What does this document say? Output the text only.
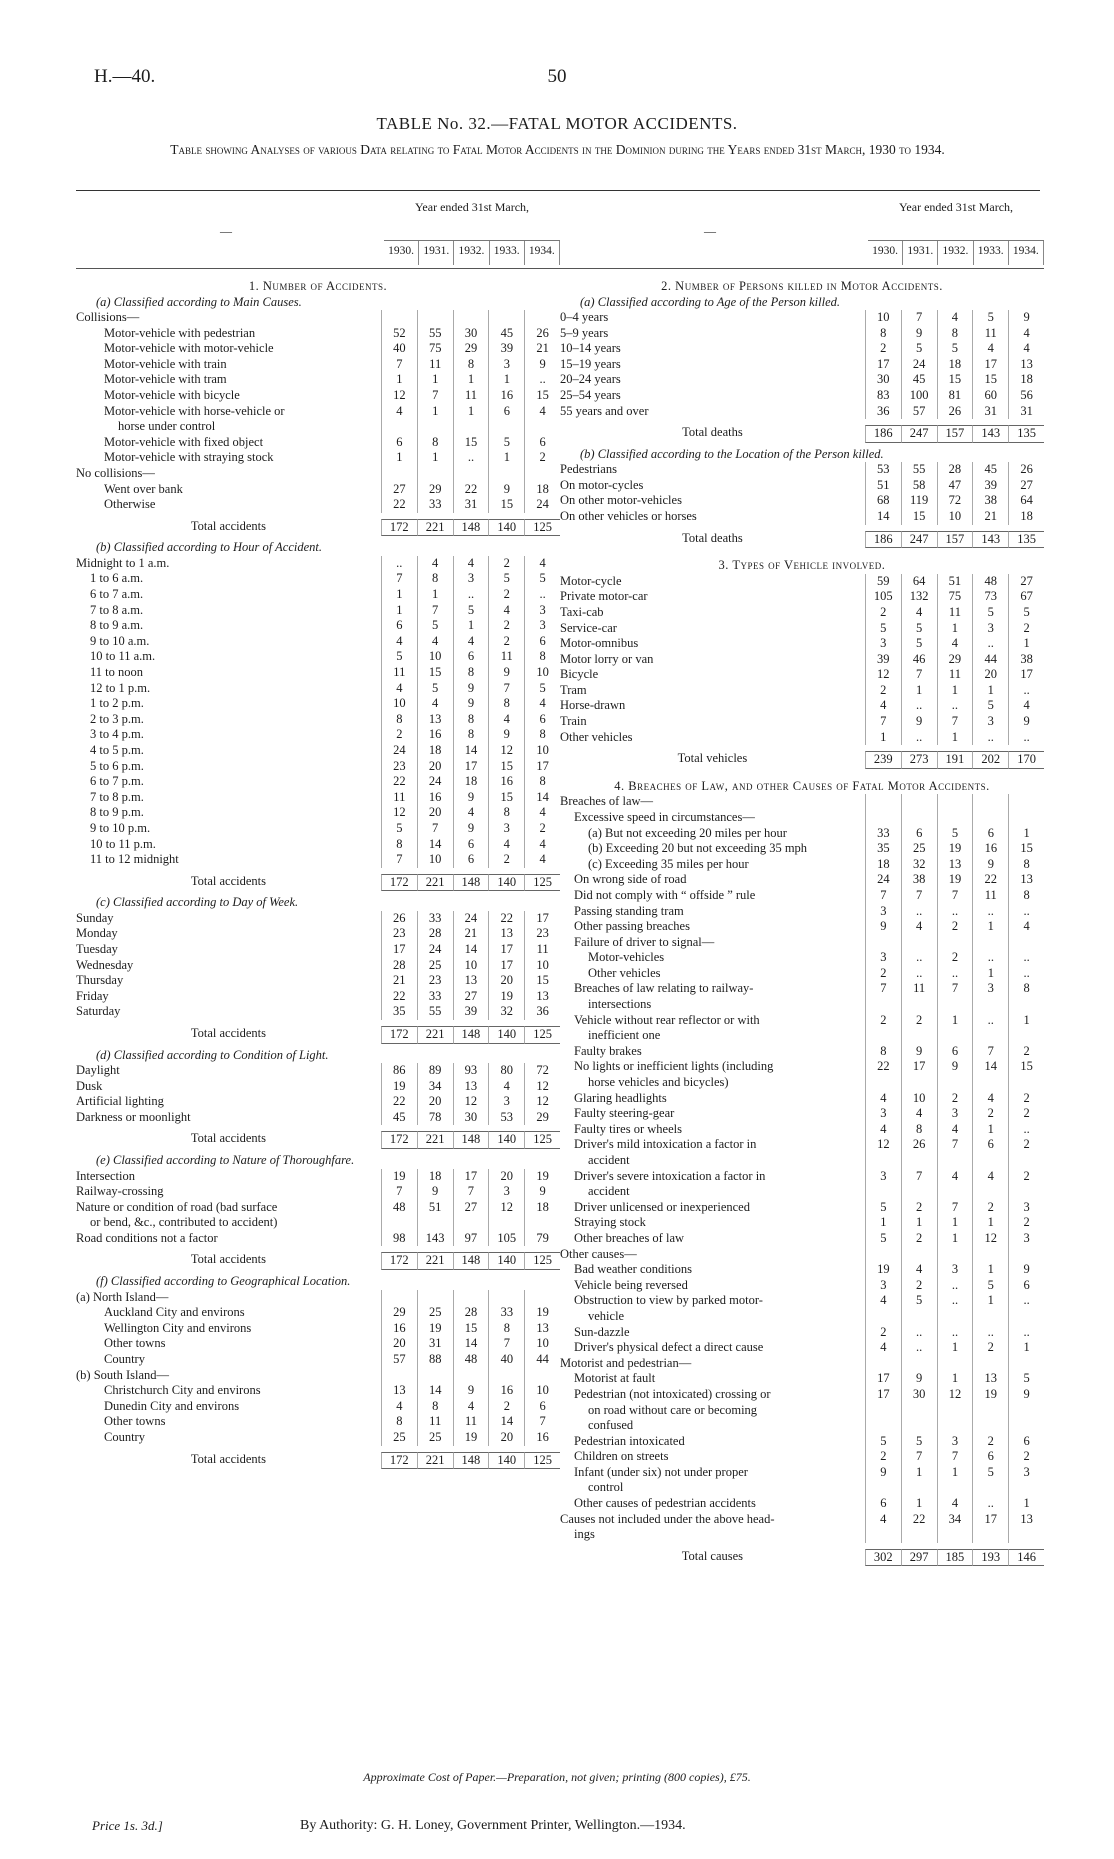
H.—40.	50
TABLE No. 32.—FATAL MOTOR ACCIDENTS.
Table showing Analyses of various Data relating to Fatal Motor Accidents in the Dominion during the Years ended 31st March, 1930 to 1934.
—
Year ended 31st March,
1930. 1931. 1932. 1933. 1934.
1. Number of Accidents.
(a) Classified according to Main Causes.
Collisions—
Motor-vehicle with pedestrian	52	55	30	45	26
Motor-vehicle with motor-vehicle	40	75	29	39	21
Motor-vehicle with train	7	11	8	3	9
Motor-vehicle with tram	1	1	1	1	..
Motor-vehicle with bicycle	12	7	11	16	15
Motor-vehicle with horse-vehicle or	4	1	1	6	4
horse under control
Motor-vehicle with fixed object	6	8	15	5	6
Motor-vehicle with straying stock	1	1	..	1	2
No collisions—
Went over bank	27	29	22	9	18
Otherwise	22	33	31	15	24
Total accidents	172	221	148	140	125
(b) Classified according to Hour of Accident.
Midnight to 1 a.m.	..	4	4	2	4
1 to 6 a.m.	7	8	3	5	5
6 to 7 a.m.	1	1	..	2	..
7 to 8 a.m.	1	7	5	4	3
8 to 9 a.m.	6	5	1	2	3
9 to 10 a.m.	4	4	4	2	6
10 to 11 a.m.	5	10	6	11	8
11 to noon	11	15	8	9	10
12 to 1 p.m.	4	5	9	7	5
1 to 2 p.m.	10	4	9	8	4
2 to 3 p.m.	8	13	8	4	6
3 to 4 p.m.	2	16	8	9	8
4 to 5 p.m.	24	18	14	12	10
5 to 6 p.m.	23	20	17	15	17
6 to 7 p.m.	22	24	18	16	8
7 to 8 p.m.	11	16	9	15	14
8 to 9 p.m.	12	20	4	8	4
9 to 10 p.m.	5	7	9	3	2
10 to 11 p.m.	8	14	6	4	4
11 to 12 midnight	7	10	6	2	4
Total accidents	172	221	148	140	125
(c) Classified according to Day of Week.
Sunday	26	33	24	22	17
Monday	23	28	21	13	23
Tuesday	17	24	14	17	11
Wednesday	28	25	10	17	10
Thursday	21	23	13	20	15
Friday	22	33	27	19	13
Saturday	35	55	39	32	36
Total accidents	172	221	148	140	125
(d) Classified according to Condition of Light.
Daylight	86	89	93	80	72
Dusk	19	34	13	4	12
Artificial lighting	22	20	12	3	12
Darkness or moonlight	45	78	30	53	29
Total accidents	172	221	148	140	125
(e) Classified according to Nature of Thoroughfare.
Intersection	19	18	17	20	19
Railway-crossing	7	9	7	3	9
Nature or condition of road (bad surface	48	51	27	12	18
or bend, &c., contributed to accident)
Road conditions not a factor	98	143	97	105	79
Total accidents	172	221	148	140	125
(f) Classified according to Geographical Location.
(a) North Island—
Auckland City and environs	29	25	28	33	19
Wellington City and environs	16	19	15	8	13
Other towns	20	31	14	7	10
Country	57	88	48	40	44
(b) South Island—
Christchurch City and environs	13	14	9	16	10
Dunedin City and environs	4	8	4	2	6
Other towns	8	11	11	14	7
Country	25	25	19	20	16
Total accidents	172	221	148	140	125
—
Year ended 31st March,
1930. 1931. 1932. 1933. 1934.
2. Number of Persons killed in Motor Accidents.
(a) Classified according to Age of the Person killed.
0–4 years	10	7	4	5	9
5–9 years	8	9	8	11	4
10–14 years	2	5	5	4	4
15–19 years	17	24	18	17	13
20–24 years	30	45	15	15	18
25–54 years	83	100	81	60	56
55 years and over	36	57	26	31	31
Total deaths	186	247	157	143	135
(b) Classified according to the Location of the Person killed.
Pedestrians	53	55	28	45	26
On motor-cycles	51	58	47	39	27
On other motor-vehicles	68	119	72	38	64
On other vehicles or horses	14	15	10	21	18
Total deaths	186	247	157	143	135
3. Types of Vehicle involved.
Motor-cycle	59	64	51	48	27
Private motor-car	105	132	75	73	67
Taxi-cab	2	4	11	5	5
Service-car	5	5	1	3	2
Motor-omnibus	3	5	4	..	1
Motor lorry or van	39	46	29	44	38
Bicycle	12	7	11	20	17
Tram	2	1	1	1	..
Horse-drawn	4	..	..	5	4
Train	7	9	7	3	9
Other vehicles	1	..	1	..	..
Total vehicles	239	273	191	202	170
4. Breaches of Law, and other Causes of Fatal Motor Accidents.
Breaches of law—
Excessive speed in circumstances—
(a) But not exceeding 20 miles per hour	33	6	5	6	1
(b) Exceeding 20 but not exceeding 35 mph	35	25	19	16	15
(c) Exceeding 35 miles per hour	18	32	13	9	8
On wrong side of road	24	38	19	22	13
Did not comply with “ offside ” rule	7	7	7	11	8
Passing standing tram	3	..	..	..	..
Other passing breaches	9	4	2	1	4
Failure of driver to signal—
Motor-vehicles	3	..	2	..	..
Other vehicles	2	..	..	1	..
Breaches of law relating to railway-	7	11	7	3	8
intersections
Vehicle without rear reflector or with	2	2	1	..	1
inefficient one
Faulty brakes	8	9	6	7	2
No lights or inefficient lights (including	22	17	9	14	15
horse vehicles and bicycles)
Glaring headlights	4	10	2	4	2
Faulty steering-gear	3	4	3	2	2
Faulty tires or wheels	4	8	4	1	..
Driver's mild intoxication a factor in	12	26	7	6	2
accident
Driver's severe intoxication a factor in	3	7	4	4	2
accident
Driver unlicensed or inexperienced	5	2	7	2	3
Straying stock	1	1	1	1	2
Other breaches of law	5	2	1	12	3
Other causes—
Bad weather conditions	19	4	3	1	9
Vehicle being reversed	3	2	..	5	6
Obstruction to view by parked motor-	4	5	..	1	..
vehicle
Sun-dazzle	2	..	..	..	..
Driver's physical defect a direct cause	4	..	1	2	1
Motorist and pedestrian—
Motorist at fault	17	9	1	13	5
Pedestrian (not intoxicated) crossing or	17	30	12	19	9
on road without care or becoming
confused
Pedestrian intoxicated	5	5	3	2	6
Children on streets	2	7	7	6	2
Infant (under six) not under proper	9	1	1	5	3
control
Other causes of pedestrian accidents	6	1	4	..	1
Causes not included under the above head-	4	22	34	17	13
ings
Total causes	302	297	185	193	146
Approximate Cost of Paper.—Preparation, not given; printing (800 copies), £75.
Price 1s. 3d.]	By Authority: G. H. Loney, Government Printer, Wellington.—1934.
